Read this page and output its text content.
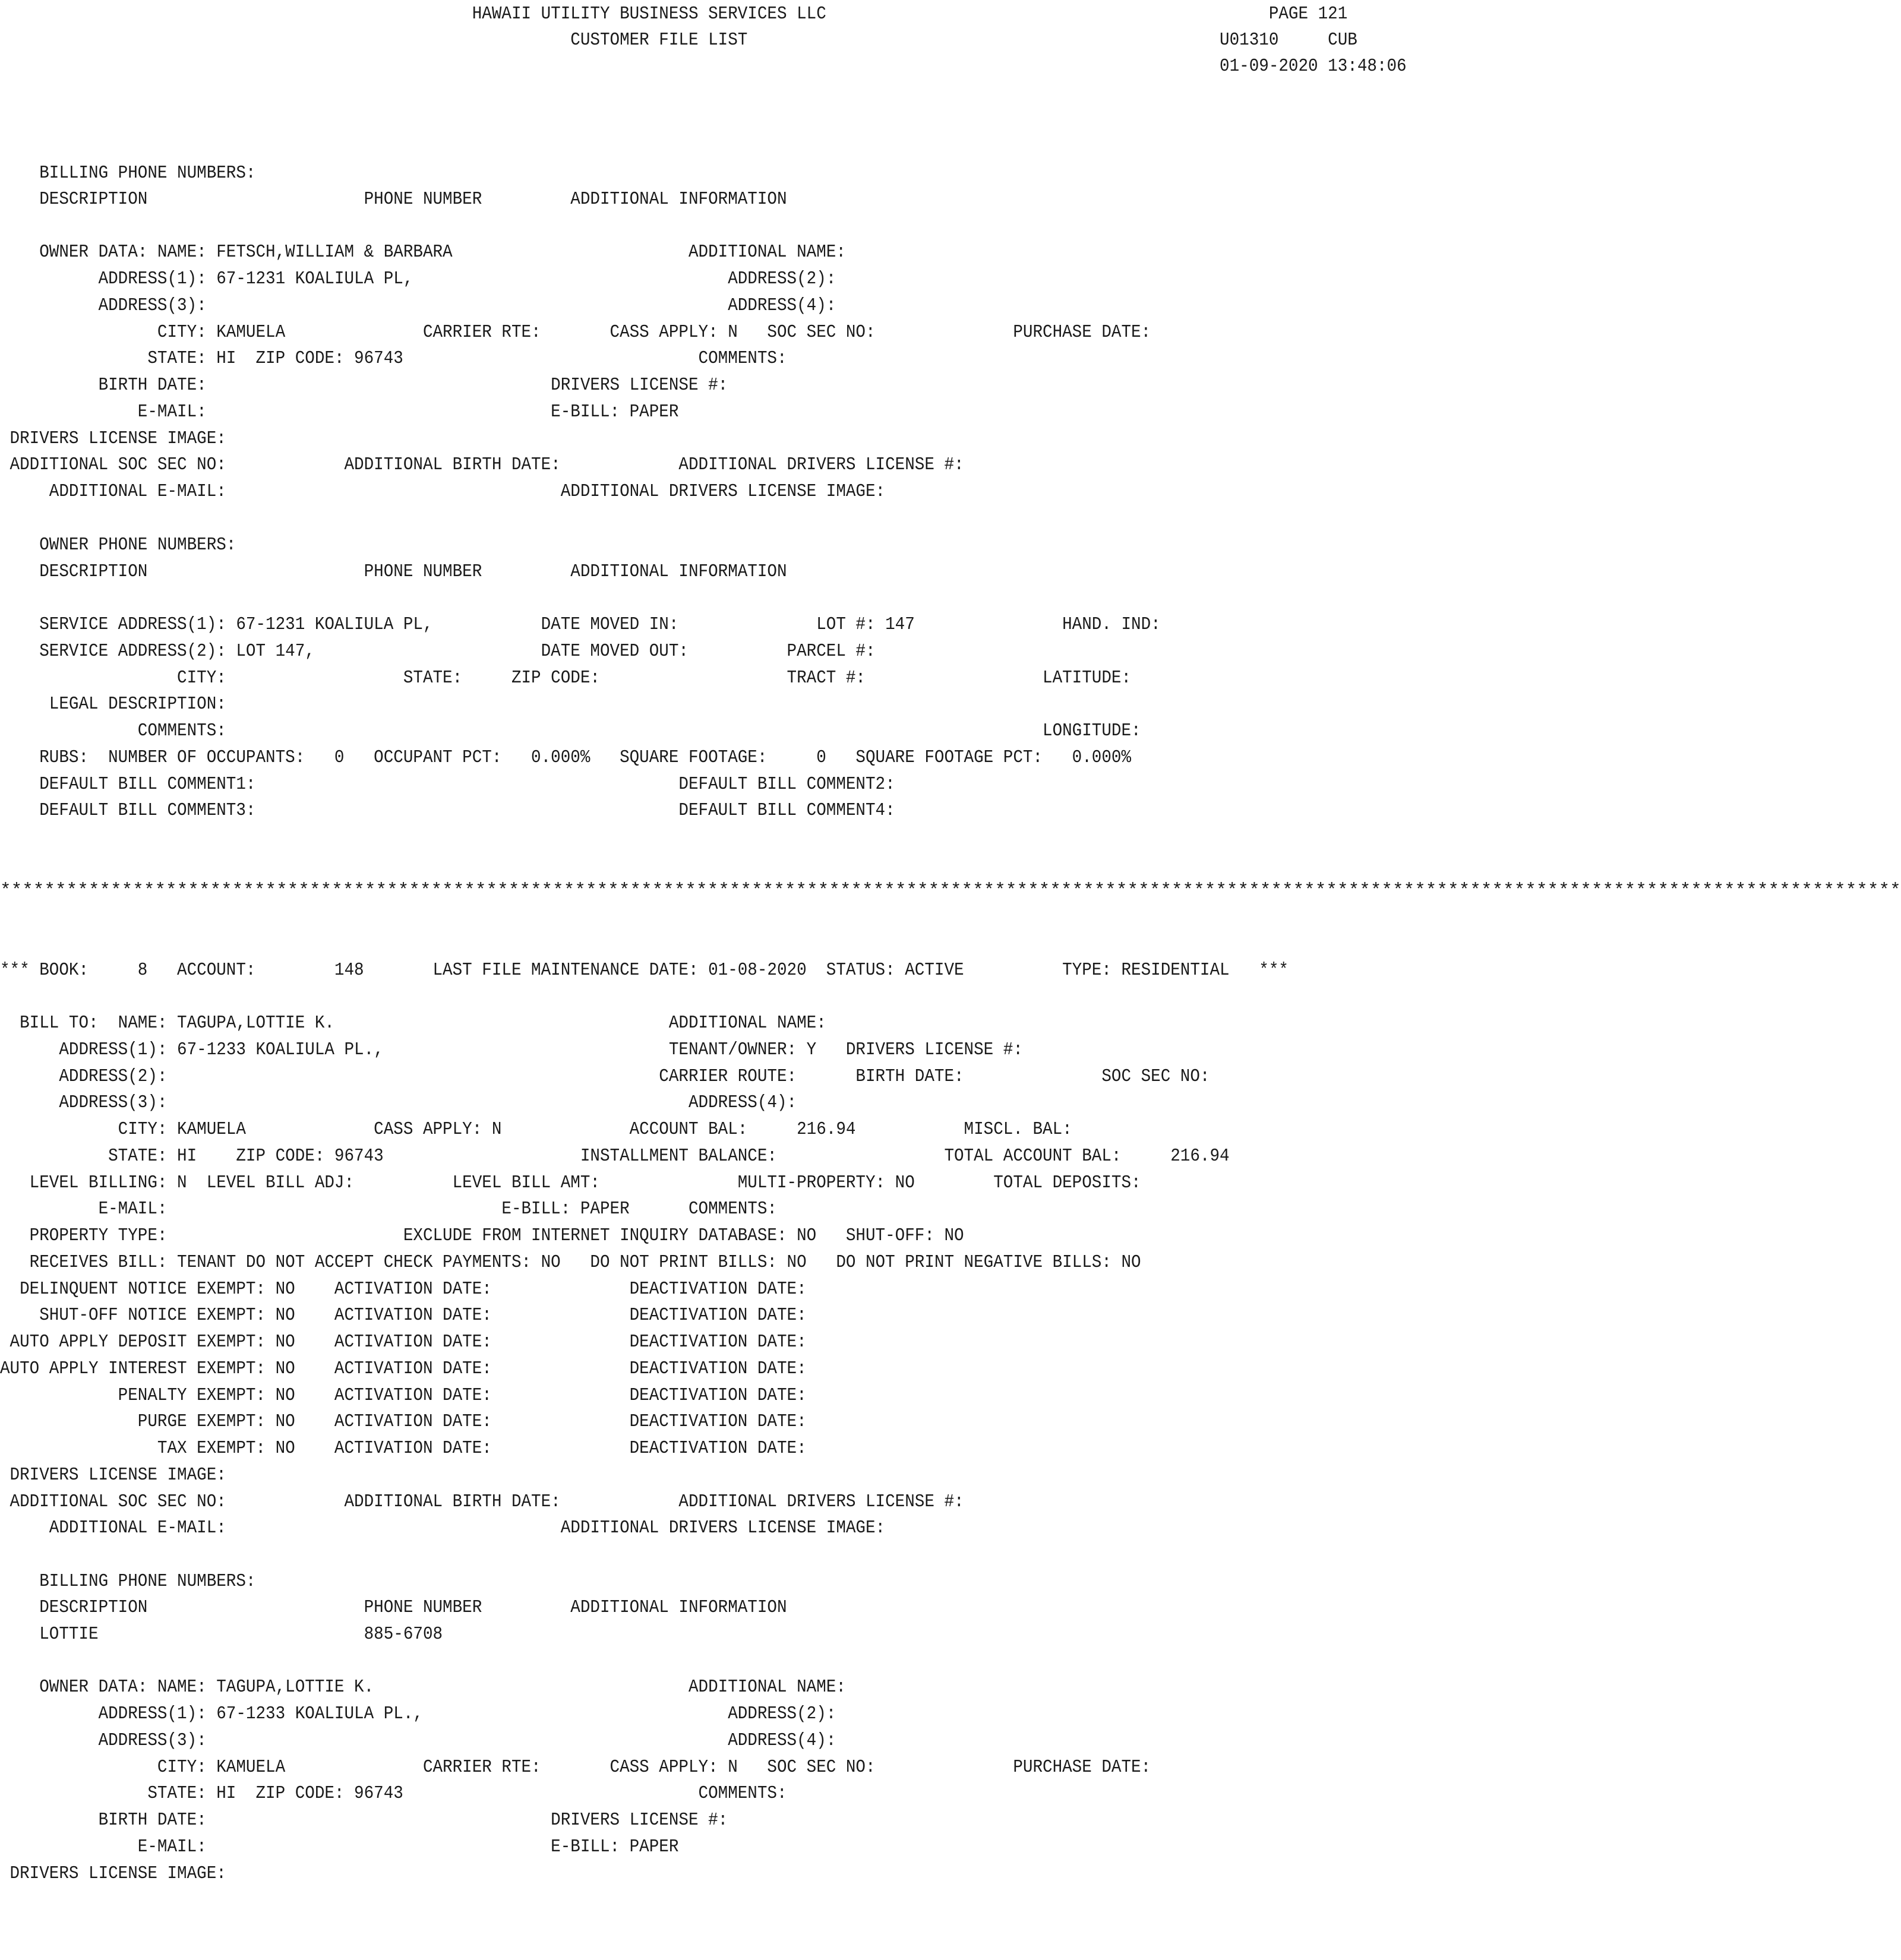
HAWAII UTILITY BUSINESS SERVICES LLC                                             PAGE 121
CUSTOMER FILE LIST                                                U01310     CUB
01-09-2020 13:48:06
BILLING PHONE NUMBERS:
DESCRIPTION                      PHONE NUMBER         ADDITIONAL INFORMATION
OWNER DATA: NAME: FETSCH,WILLIAM & BARBARA                        ADDITIONAL NAME:
ADDRESS(1): 67-1231 KOALIULA PL,                                ADDRESS(2):
ADDRESS(3):                                                     ADDRESS(4):
CITY: KAMUELA              CARRIER RTE:       CASS APPLY: N   SOC SEC NO:              PURCHASE DATE:
STATE: HI  ZIP CODE: 96743                              COMMENTS:
BIRTH DATE:                                   DRIVERS LICENSE #:
E-MAIL:                                   E-BILL: PAPER
DRIVERS LICENSE IMAGE:
ADDITIONAL SOC SEC NO:            ADDITIONAL BIRTH DATE:            ADDITIONAL DRIVERS LICENSE #:
ADDITIONAL E-MAIL:                                  ADDITIONAL DRIVERS LICENSE IMAGE:
OWNER PHONE NUMBERS:
DESCRIPTION                      PHONE NUMBER         ADDITIONAL INFORMATION
SERVICE ADDRESS(1): 67-1231 KOALIULA PL,           DATE MOVED IN:              LOT #: 147               HAND. IND:
SERVICE ADDRESS(2): LOT 147,                       DATE MOVED OUT:          PARCEL #:
CITY:                  STATE:     ZIP CODE:                   TRACT #:                  LATITUDE:
LEGAL DESCRIPTION:
COMMENTS:                                                                                   LONGITUDE:
RUBS:  NUMBER OF OCCUPANTS:   0   OCCUPANT PCT:   0.000%   SQUARE FOOTAGE:     0   SQUARE FOOTAGE PCT:   0.000%
DEFAULT BILL COMMENT1:                                           DEFAULT BILL COMMENT2:
DEFAULT BILL COMMENT3:                                           DEFAULT BILL COMMENT4:
****************************************************************************************************************************************************************************
*** BOOK:     8   ACCOUNT:        148       LAST FILE MAINTENANCE DATE: 01-08-2020  STATUS: ACTIVE          TYPE: RESIDENTIAL   ***
BILL TO:  NAME: TAGUPA,LOTTIE K.                                  ADDITIONAL NAME:
ADDRESS(1): 67-1233 KOALIULA PL.,                             TENANT/OWNER: Y   DRIVERS LICENSE #:
ADDRESS(2):                                                  CARRIER ROUTE:      BIRTH DATE:              SOC SEC NO:
ADDRESS(3):                                                     ADDRESS(4):
CITY: KAMUELA             CASS APPLY: N             ACCOUNT BAL:     216.94           MISCL. BAL:
STATE: HI    ZIP CODE: 96743                    INSTALLMENT BALANCE:                 TOTAL ACCOUNT BAL:     216.94
LEVEL BILLING: N  LEVEL BILL ADJ:          LEVEL BILL AMT:              MULTI-PROPERTY: NO        TOTAL DEPOSITS:
E-MAIL:                                  E-BILL: PAPER      COMMENTS:
PROPERTY TYPE:                        EXCLUDE FROM INTERNET INQUIRY DATABASE: NO   SHUT-OFF: NO
RECEIVES BILL: TENANT DO NOT ACCEPT CHECK PAYMENTS: NO   DO NOT PRINT BILLS: NO   DO NOT PRINT NEGATIVE BILLS: NO
DELINQUENT NOTICE EXEMPT: NO    ACTIVATION DATE:              DEACTIVATION DATE:
SHUT-OFF NOTICE EXEMPT: NO    ACTIVATION DATE:              DEACTIVATION DATE:
AUTO APPLY DEPOSIT EXEMPT: NO    ACTIVATION DATE:              DEACTIVATION DATE:
AUTO APPLY INTEREST EXEMPT: NO    ACTIVATION DATE:              DEACTIVATION DATE:
PENALTY EXEMPT: NO    ACTIVATION DATE:              DEACTIVATION DATE:
PURGE EXEMPT: NO    ACTIVATION DATE:              DEACTIVATION DATE:
TAX EXEMPT: NO    ACTIVATION DATE:              DEACTIVATION DATE:
DRIVERS LICENSE IMAGE:
ADDITIONAL SOC SEC NO:            ADDITIONAL BIRTH DATE:            ADDITIONAL DRIVERS LICENSE #:
ADDITIONAL E-MAIL:                                  ADDITIONAL DRIVERS LICENSE IMAGE:
BILLING PHONE NUMBERS:
DESCRIPTION                      PHONE NUMBER         ADDITIONAL INFORMATION
LOTTIE                           885-6708
OWNER DATA: NAME: TAGUPA,LOTTIE K.                                ADDITIONAL NAME:
ADDRESS(1): 67-1233 KOALIULA PL.,                               ADDRESS(2):
ADDRESS(3):                                                     ADDRESS(4):
CITY: KAMUELA              CARRIER RTE:       CASS APPLY: N   SOC SEC NO:              PURCHASE DATE:
STATE: HI  ZIP CODE: 96743                              COMMENTS:
BIRTH DATE:                                   DRIVERS LICENSE #:
E-MAIL:                                   E-BILL: PAPER
DRIVERS LICENSE IMAGE:
